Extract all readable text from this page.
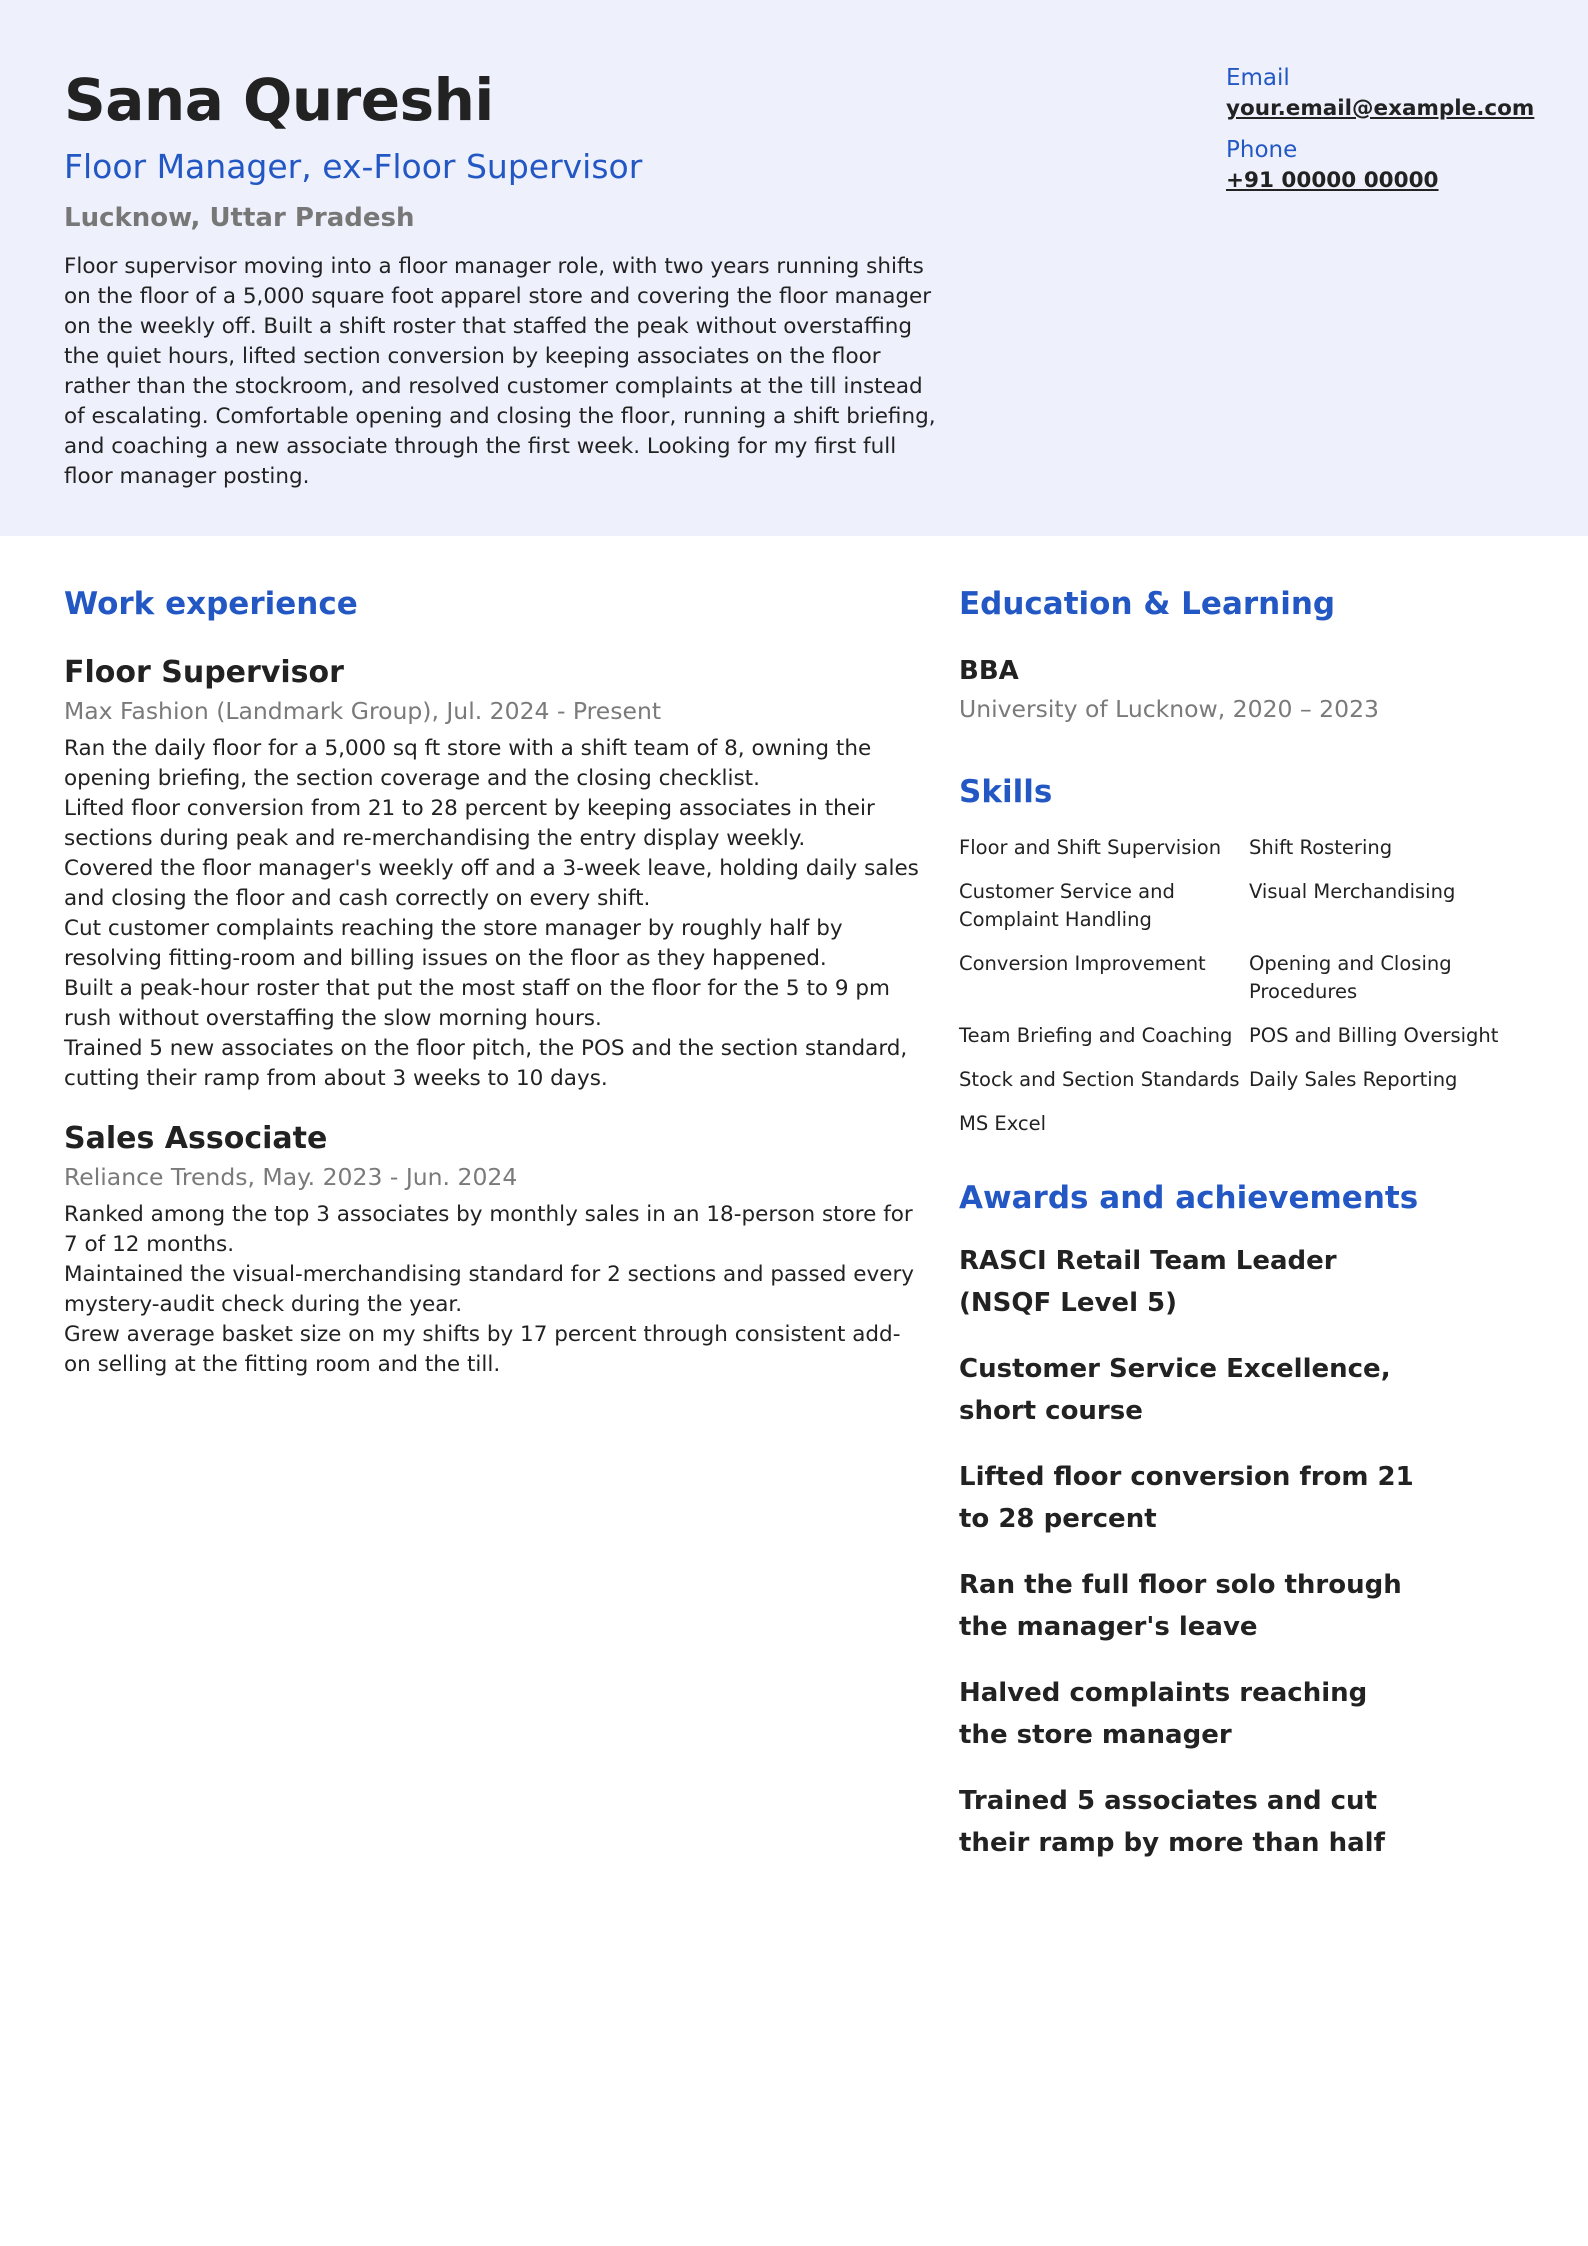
Sana Qureshi

Floor Manager, ex-Floor Supervisor

Lucknow, Uttar Pradesh

Floor supervisor moving into a floor manager role, with two years running shifts on the floor of a 5,000 square foot apparel store and covering the floor manager on the weekly off. Built a shift roster that staffed the peak without overstaffing the quiet hours, lifted section conversion by keeping associates on the floor rather than the stockroom, and resolved customer complaints at the till instead of escalating. Comfortable opening and closing the floor, running a shift briefing, and coaching a new associate through the first week. Looking for my first full floor manager posting.

Email

your.email@example.com

Phone

+91 00000 00000
Work experience
Floor Supervisor

Max Fashion (Landmark Group), Jul. 2024 - Present

Ran the daily floor for a 5,000 sq ft store with a shift team of 8, owning the opening briefing, the section coverage and the closing checklist.
Lifted floor conversion from 21 to 28 percent by keeping associates in their sections during peak and re-merchandising the entry display weekly.
Covered the floor manager's weekly off and a 3-week leave, holding daily sales and closing the floor and cash correctly on every shift.
Cut customer complaints reaching the store manager by roughly half by resolving fitting-room and billing issues on the floor as they happened.
Built a peak-hour roster that put the most staff on the floor for the 5 to 9 pm rush without overstaffing the slow morning hours.
Trained 5 new associates on the floor pitch, the POS and the section standard, cutting their ramp from about 3 weeks to 10 days.
Sales Associate

Reliance Trends, May. 2023 - Jun. 2024

Ranked among the top 3 associates by monthly sales in an 18-person store for 7 of 12 months.
Maintained the visual-merchandising standard for 2 sections and passed every mystery-audit check during the year.
Grew average basket size on my shifts by 17 percent through consistent add-on selling at the fitting room and the till.
Education & Learning

BBA

University of Lucknow, 2020 – 2023

Skills
Floor and Shift Supervision	Shift Rostering
Customer Service and Complaint Handling
Visual Merchandising
Conversion Improvement	Opening and Closing Procedures
Team Briefing and Coaching POS and Billing Oversight
Stock and Section Standards Daily Sales Reporting
MS Excel
Awards and achievements

RASCI Retail Team Leader (NSQF Level 5)

Customer Service Excellence, short course

Lifted floor conversion from 21 to 28 percent

Ran the full floor solo through the manager's leave

Halved complaints reaching the store manager

Trained 5 associates and cut their ramp by more than half
